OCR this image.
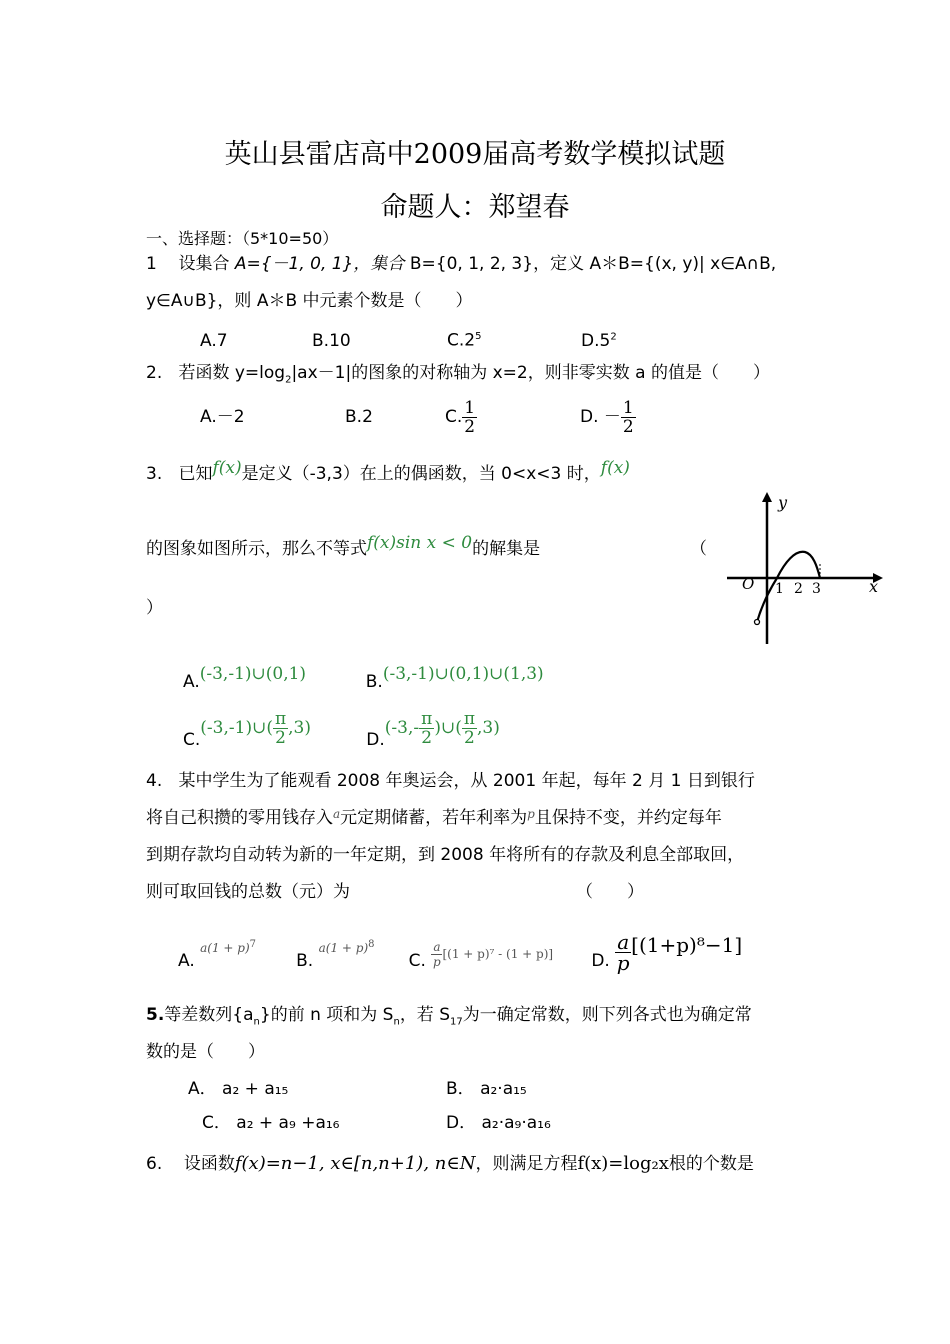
英山县雷店高中2009届高考数学模拟试题
命题人：郑望春
一、选择题：（5*10=50）
1 设集合 A={－1, 0, 1}，集合 B={0, 1, 2, 3}，定义 A＊B={(x, y)| x∈A∩B,
y∈A∪B}，则 A＊B 中元素个数是（　　）
A.7	B.10	$C.2^5$	$D.5^2$
2. 若函数 $y=\log_2|ax-1|$的图象的对称轴为 x=2，则非零实数 a 的值是（　　）
A.－2	B.2	C. $\frac{1}{2}$	D. － $\frac{1}{2}$
3. 已知f(x)是定义（-3,3）在上的偶函数，当 0<x<3 时，f(x)
的图象如图所示，那么不等式f(x)sin x < 0的解集是	（
）
y
x
O 1 2 3
A.(-3,-1)∪(0,1)	B.(-3,-1)∪(0,1)∪(1,3)
C.(-3,-1)∪( $\frac{\pi}{2} ,3)D.(-3,- \frac{\pi}{2}$ )∪( $\frac{\pi}{2} ,3$)
4. 某中学生为了能观看 2008 年奥运会，从 2001 年起，每年 2 月 1 日到银行
将自己积攒的零用钱存入$^a$元定期储蓄，若年利率为$^p$且保持不变，并约定每年
到期存款均自动转为新的一年定期，到 2008 年将所有的存款及利息全部取回，
则可取回钱的总数（元）为	（　　）
A. $a(1 + p)^7B$. $a(1 + p)^8C$. $\frac{a}{p} [(1 + p)^7 - (1 + p)]$ D. $\frac{a}{p} [(1+p)^8-1]$
5.等差数列$\{a_n\}$的前 n 项和为 $S_n$，若 $S_{17}$为一确定常数，则下列各式也为确定常
数的是（　　）
A． a₂ + a₁₅	B． a₂·a₁₅
C． a₂ + a₉ +a₁₆	D． a₂·a₉·a₁₆
6. 设函数f(x)=n−1, x∈[n,n+1), n∈N，则满足方程f(x)=log₂x根的个数是
